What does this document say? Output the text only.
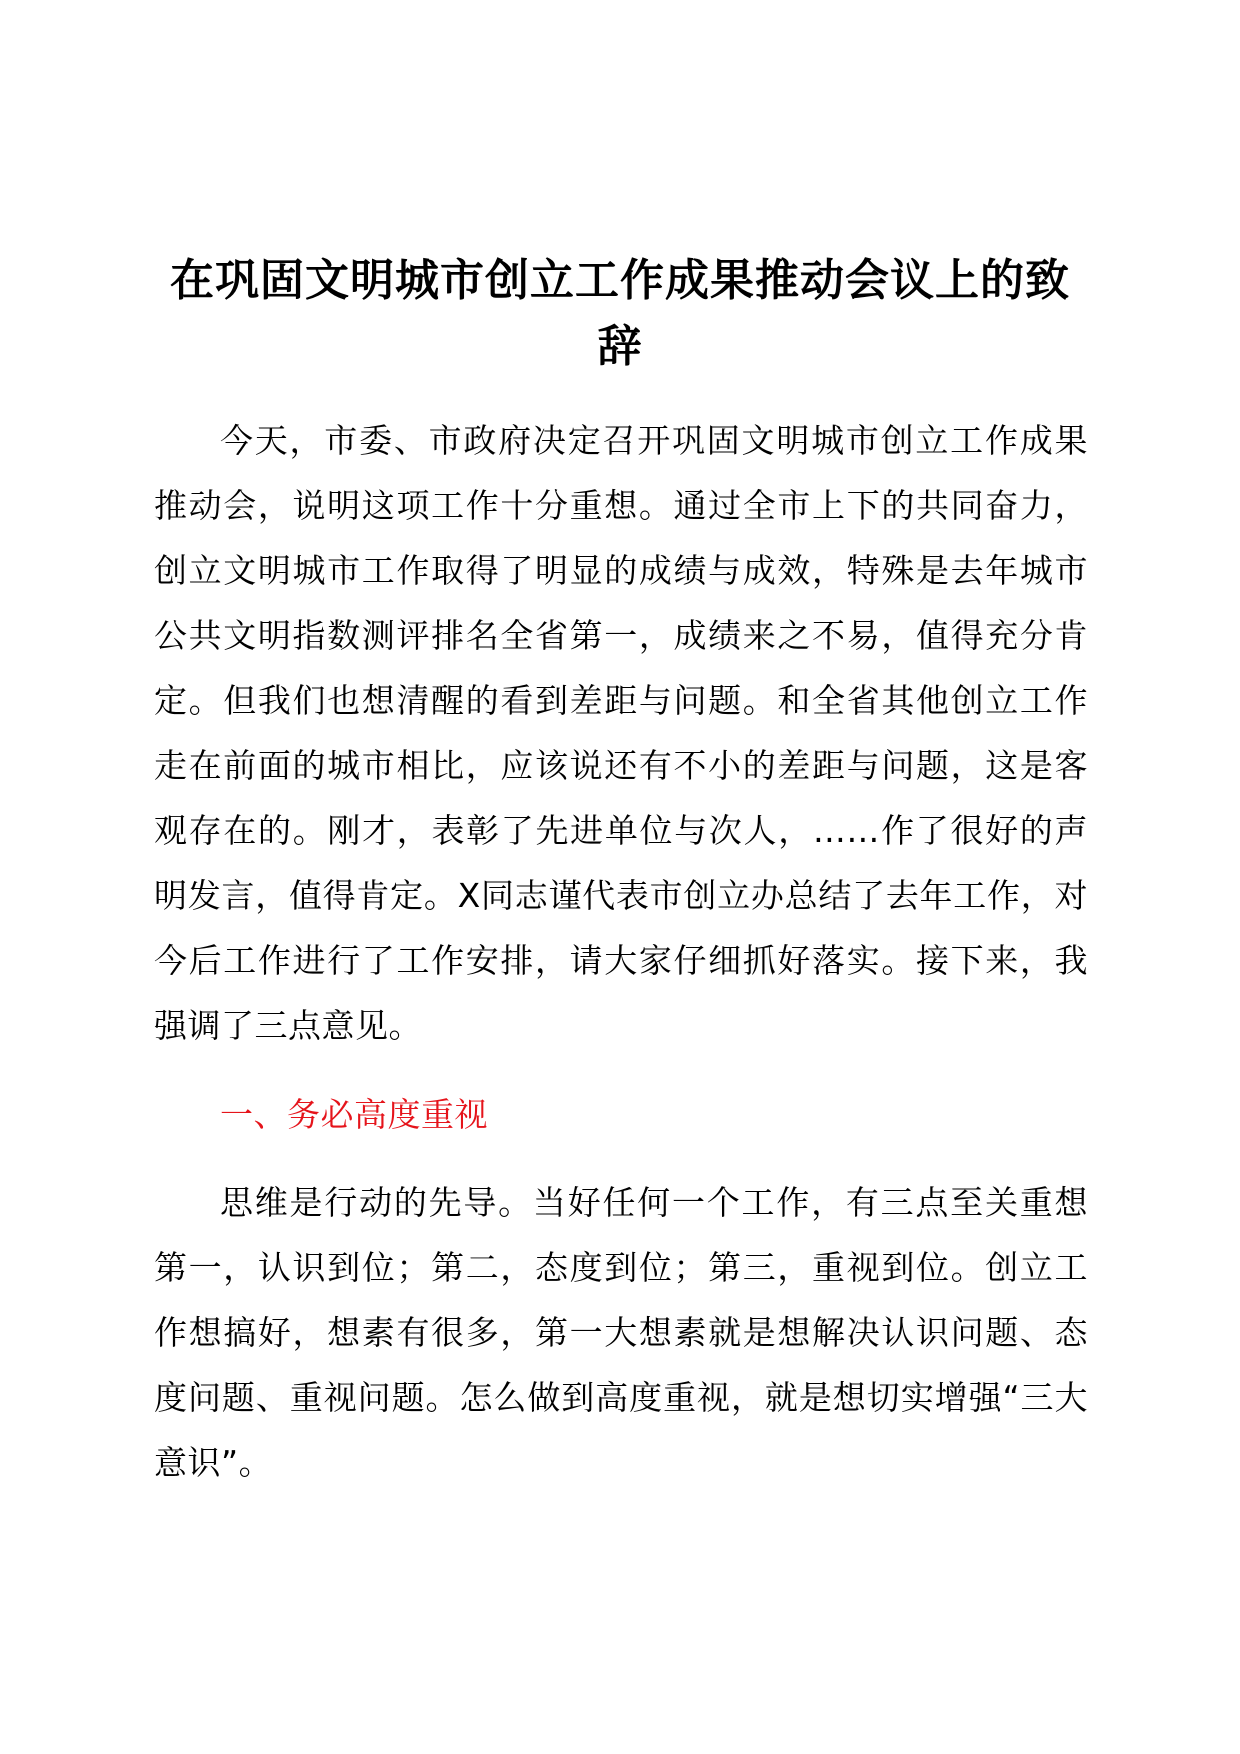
在巩固文明城市创立工作成果推动会议上的致辞
今天，市委、市政府决定召开巩固文明城市创立工作成果推动会，说明这项工作十分重想。通过全市上下的共同奋力，创立文明城市工作取得了明显的成绩与成效，特殊是去年城市公共文明指数测评排名全省第一，成绩来之不易，值得充分肯定。但我们也想清醒的看到差距与问题。和全省其他创立工作走在前面的城市相比，应该说还有不小的差距与问题，这是客观存在的。刚才，表彰了先进单位与次人，……作了很好的声明发言，值得肯定。X同志谨代表市创立办总结了去年工作，对今后工作进行了工作安排，请大家仔细抓好落实。接下来，我强调了三点意见。
一、务必高度重视
思维是行动的先导。当好任何一个工作，有三点至关重想第一，认识到位；第二，态度到位；第三，重视到位。创立工作想搞好，想素有很多，第一大想素就是想解决认识问题、态度问题、重视问题。怎么做到高度重视，就是想切实增强“三大意识”。
